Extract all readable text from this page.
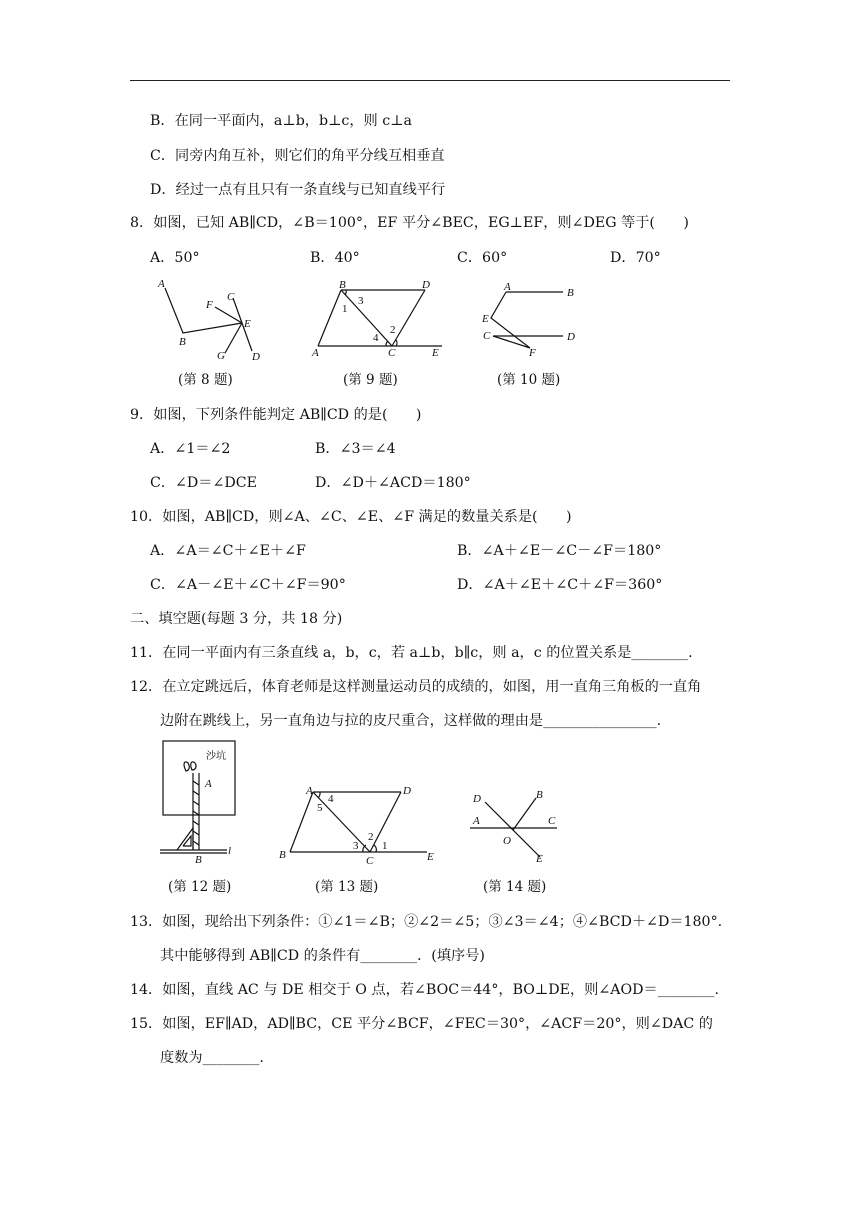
B．在同一平面内，a⊥b，b⊥c，则 c⊥a
C．同旁内角互补，则它们的角平分线互相垂直
D．经过一点有且只有一条直线与已知直线平行
8．如图，已知 AB∥CD，∠B＝100°，EF 平分∠BEC，EG⊥EF，则∠DEG 等于(　　)
A．50°	B．40°	C．60°	D．70°
A
B
C
D
E
F
G
B	D
A	C	E
1
3
2
4
A	B
E
C	D
F
(第 8 题)	(第 9 题)	(第 10 题)
9．如图，下列条件能判定 AB∥CD 的是(　　)
A．∠1＝∠2	B．∠3＝∠4
C．∠D＝∠DCE	D．∠D＋∠ACD＝180°
10．如图，AB∥CD，则∠A、∠C、∠E、∠F 满足的数量关系是(　　)
A．∠A＝∠C＋∠E＋∠F	B．∠A＋∠E－∠C－∠F＝180°
C．∠A－∠E＋∠C＋∠F＝90°	D．∠A＋∠E＋∠C＋∠F＝360°
二、填空题(每题 3 分，共 18 分)
11．在同一平面内有三条直线 a，b，c，若 a⊥b，b∥c，则 a，c 的位置关系是________.
12．在立定跳远后，体育老师是这样测量运动员的成绩的，如图，用一直角三角板的一直角
边附在跳线上，另一直角边与拉的皮尺重合，这样做的理由是________________.
沙坑
A
B
l
A	D
B	C	E
5
4
2
3 1
A	C
D	B
O
E
(第 12 题)	(第 13 题)	(第 14 题)
13．如图，现给出下列条件：①∠1＝∠B；②∠2＝∠5；③∠3＝∠4；④∠BCD＋∠D＝180°.
其中能够得到 AB∥CD 的条件有________．(填序号)
14．如图，直线 AC 与 DE 相交于 O 点，若∠BOC＝44°，BO⊥DE，则∠AOD＝________.
15．如图，EF∥AD，AD∥BC，CE 平分∠BCF，∠FEC＝30°，∠ACF＝20°，则∠DAC 的
度数为________.
